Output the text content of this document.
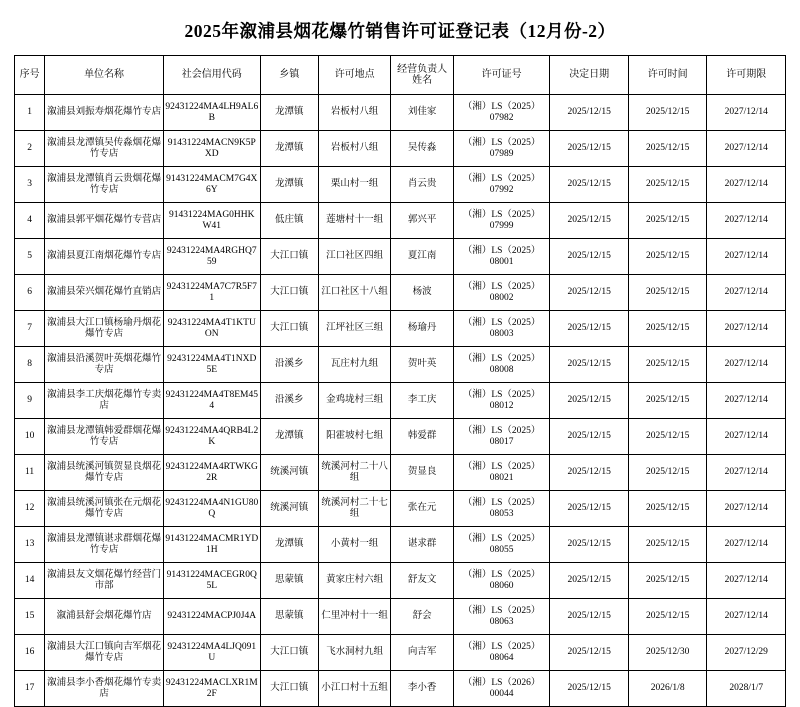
2025年溆浦县烟花爆竹销售许可证登记表（12月份-2）
序号	单位名称	社会信用代码	乡镇	许可地点	经营负责人姓名	许可证号	决定日期	许可时间	许可期限
1	溆浦县刘振寿烟花爆竹专店	92431224MA4LH9AL6B	龙潭镇	岩板村八组	刘佳家	（湘）LS（2025）07982	2025/12/15	2025/12/15	2027/12/14
2	溆浦县龙潭镇吴传淼烟花爆竹专店	91431224MACN9K5PXD	龙潭镇	岩板村八组	吴传淼	（湘）LS（2025）07989	2025/12/15	2025/12/15	2027/12/14
3	溆浦县龙潭镇肖云贵烟花爆竹专店	91431224MACM7G4X6Y	龙潭镇	栗山村一组	肖云贵	（湘）LS（2025）07992	2025/12/15	2025/12/15	2027/12/14
4	溆浦县郭平烟花爆竹专营店	91431224MAG0HHKW41	低庄镇	莲塘村十一组	郭兴平	（湘）LS（2025）07999	2025/12/15	2025/12/15	2027/12/14
5	溆浦县夏江南烟花爆竹专店	92431224MA4RGHQ759	大江口镇	江口社区四组	夏江南	（湘）LS（2025）08001	2025/12/15	2025/12/15	2027/12/14
6	溆浦县荣兴烟花爆竹直销店	92431224MA7C7R5F71	大江口镇	江口社区十八组	杨波	（湘）LS（2025）08002	2025/12/15	2025/12/15	2027/12/14
7	溆浦县大江口镇杨瑜丹烟花爆竹专店	92431224MA4T1KTUON	大江口镇	江坪社区三组	杨瑜丹	（湘）LS（2025）08003	2025/12/15	2025/12/15	2027/12/14
8	溆浦县沿溪贺叶英烟花爆竹专店	92431224MA4T1NXD5E	沿溪乡	瓦庄村九组	贺叶英	（湘）LS（2025）08008	2025/12/15	2025/12/15	2027/12/14
9	溆浦县李工庆烟花爆竹专卖店	92431224MA4T8EM454	沿溪乡	金鸡垅村三组	李工庆	（湘）LS（2025）08012	2025/12/15	2025/12/15	2027/12/14
10	溆浦县龙潭镇韩爱群烟花爆竹专店	92431224MA4QRB4L2K	龙潭镇	阳霍坡村七组	韩爱群	（湘）LS（2025）08017	2025/12/15	2025/12/15	2027/12/14
11	溆浦县统溪河镇贺显良烟花爆竹专店	92431224MA4RTWKG2R	统溪河镇	统溪河村二十八组	贺显良	（湘）LS（2025）08021	2025/12/15	2025/12/15	2027/12/14
12	溆浦县统溪河镇张在元烟花爆竹专店	92431224MA4N1GU80Q	统溪河镇	统溪河村二十七组	张在元	（湘）LS（2025）08053	2025/12/15	2025/12/15	2027/12/14
13	溆浦县龙潭镇谌求群烟花爆竹专店	91431224MACMR1YD1H	龙潭镇	小黄村一组	谌求群	（湘）LS（2025）08055	2025/12/15	2025/12/15	2027/12/14
14	溆浦县友文烟花爆竹经营门市部	91431224MACEGR0Q5L	思蒙镇	黄家庄村六组	舒友文	（湘）LS（2025）08060	2025/12/15	2025/12/15	2027/12/14
15	溆浦县舒会烟花爆竹店	92431224MACPJ0J4A	思蒙镇	仁里冲村十一组	舒会	（湘）LS（2025）08063	2025/12/15	2025/12/15	2027/12/14
16	溆浦县大江口镇向吉军烟花爆竹专店	92431224MA4LJQ091U	大江口镇	飞水洞村九组	向吉军	（湘）LS（2025）08064	2025/12/15	2025/12/30	2027/12/29
17	溆浦县李小香烟花爆竹专卖店	92431224MACLXR1M2F	大江口镇	小江口村十五组	李小香	（湘）LS（2026）00044	2025/12/15	2026/1/8	2028/1/7
